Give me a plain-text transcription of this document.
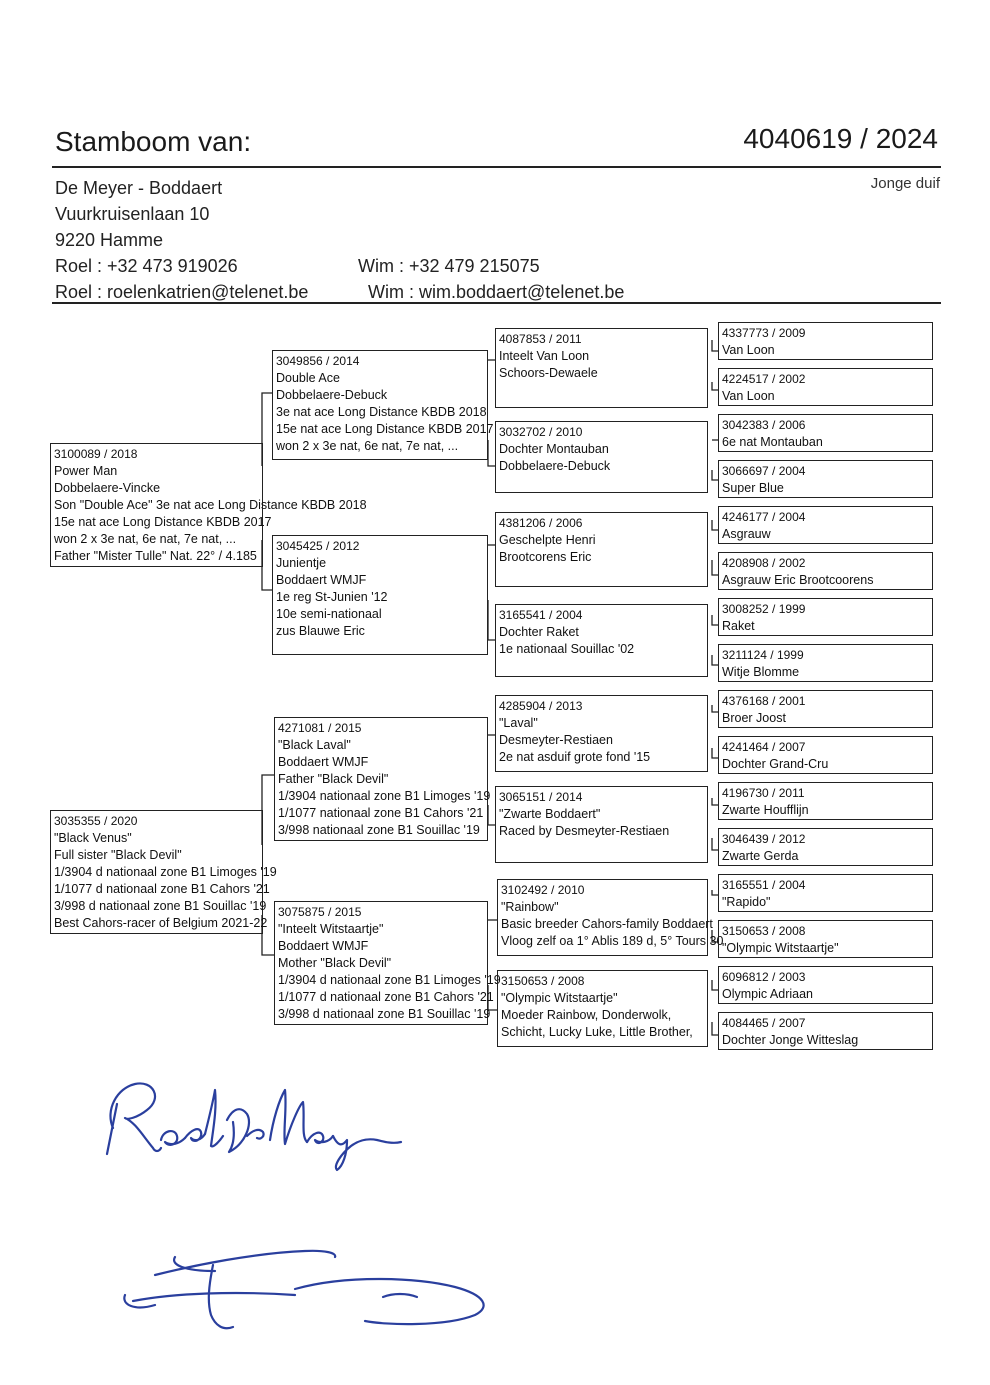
Stamboom van:	4040619 / 2024
Jonge duif
De Meyer - Boddaert
Vuurkruisenlaan 10
9220 Hamme
Roel : +32 473 919026	Wim : +32 479 215075
Roel : roelenkatrien@telenet.be	Wim : wim.boddaert@telenet.be
3100089 / 2018
Power Man
Dobbelaere-Vincke
Son "Double Ace" 3e nat ace Long Distance KBDB 2018
15e nat ace Long Distance KBDB 2017
won 2 x 3e nat, 6e nat, 7e nat, ...
Father "Mister Tulle" Nat. 22° / 4.185
3035355 / 2020
"Black Venus"
Full sister "Black Devil"
1/3904 d nationaal zone B1 Limoges '19
1/1077 d nationaal zone B1 Cahors '21
3/998 d nationaal zone B1 Souillac '19
Best Cahors-racer of Belgium 2021-22
3049856 / 2014
Double Ace
Dobbelaere-Debuck
3e nat ace Long Distance KBDB 2018
15e nat ace Long Distance KBDB 2017
won 2 x 3e nat, 6e nat, 7e nat, ...
3045425 / 2012
Junientje
Boddaert WMJF
1e reg St-Junien '12
10e semi-nationaal
zus Blauwe Eric
4271081 / 2015
"Black Laval"
Boddaert WMJF
Father "Black Devil"
1/3904 nationaal zone B1 Limoges '19
1/1077 nationaal zone B1 Cahors '21
3/998 nationaal zone B1 Souillac '19
3075875 / 2015
"Inteelt Witstaartje"
Boddaert WMJF
Mother "Black Devil"
1/3904 d nationaal zone B1 Limoges '19
1/1077 d nationaal zone B1 Cahors '21
3/998 d nationaal zone B1 Souillac '19
4087853 / 2011
Inteelt Van Loon
Schoors-Dewaele
3032702 / 2010
Dochter Montauban
Dobbelaere-Debuck
4381206 / 2006
Geschelpte Henri
Brootcorens Eric
3165541 / 2004
Dochter Raket
1e nationaal Souillac '02
4285904 / 2013
"Laval"
Desmeyter-Restiaen
2e nat asduif grote fond '15
3065151 / 2014
"Zwarte Boddaert"
Raced by Desmeyter-Restiaen
3102492 / 2010
"Rainbow"
Basic breeder Cahors-family Boddaert
Vloog zelf oa 1° Ablis 189 d, 5° Tours 30
3150653 / 2008
"Olympic Witstaartje"
Moeder Rainbow, Donderwolk,
Schicht, Lucky Luke, Little Brother,
4337773 / 2009
Van Loon
4224517 / 2002
Van Loon
3042383 / 2006
6e nat Montauban
3066697 / 2004
Super Blue
4246177 / 2004
Asgrauw
4208908 / 2002
Asgrauw Eric Brootcoorens
3008252 / 1999
Raket
3211124 / 1999
Witje Blomme
4376168 / 2001
Broer Joost
4241464 / 2007
Dochter Grand-Cru
4196730 / 2011
Zwarte Houfflijn
3046439 / 2012
Zwarte Gerda
3165551 / 2004
"Rapido"
3150653 / 2008
"Olympic Witstaartje"
6096812 / 2003
Olympic Adriaan
4084465 / 2007
Dochter Jonge Witteslag
